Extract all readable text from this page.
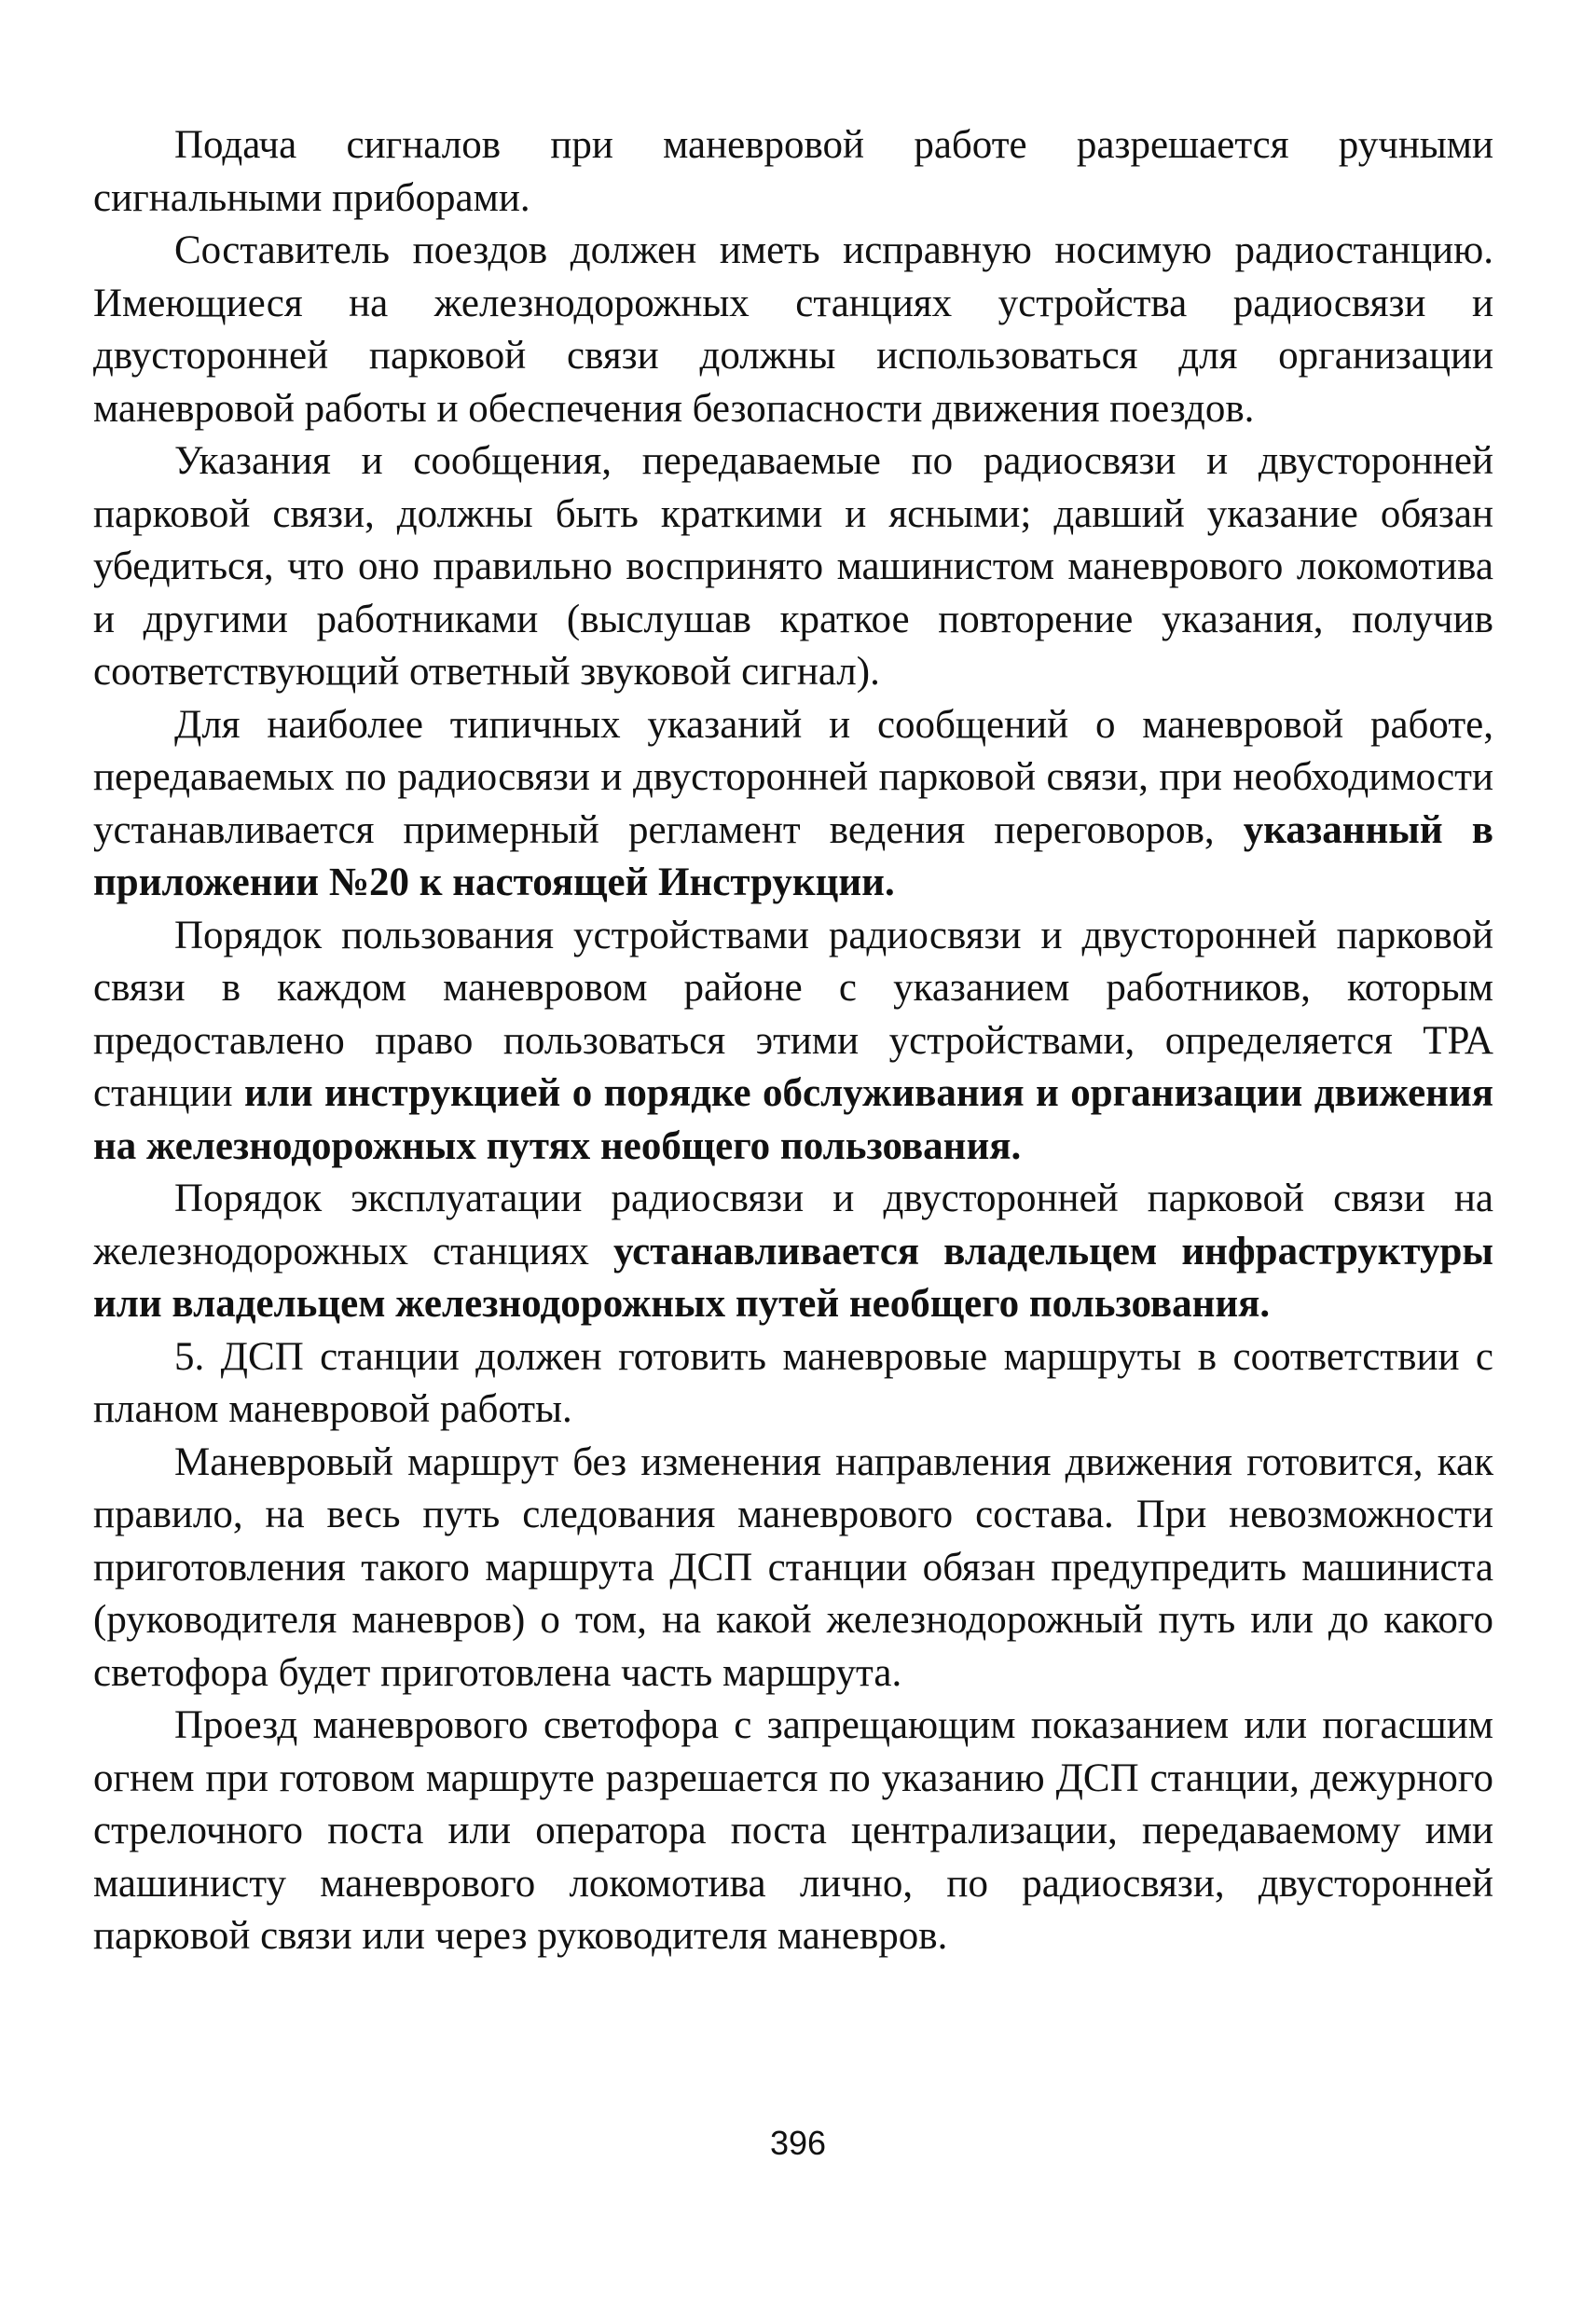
Подача сигналов при маневровой работе разрешается ручными сигнальными приборами.

Составитель поездов должен иметь исправную носимую радиостанцию. Имеющиеся на железнодорожных станциях устройства радиосвязи и двусторонней парковой связи должны использоваться для организации маневровой работы и обеспечения безопасности движения поездов.

Указания и сообщения, передаваемые по радиосвязи и двусторонней парковой связи, должны быть краткими и ясными; давший указание обязан убедиться, что оно правильно воспринято машинистом маневрового локомотива и другими работниками (выслушав краткое повторение указания, получив соответствующий ответный звуковой сигнал).

Для наиболее типичных указаний и сообщений о маневровой работе, передаваемых по радиосвязи и двусторонней парковой связи, при необходимости устанавливается примерный регламент ведения переговоров, указанный в приложении №20 к настоящей Инструкции.

Порядок пользования устройствами радиосвязи и двусторонней парковой связи в каждом маневровом районе с указанием работников, которым предоставлено право пользоваться этими устройствами, определяется ТРА станции или инструкцией о порядке обслуживания и организации движения на железнодорожных путях необщего пользования.

Порядок эксплуатации радиосвязи и двусторонней парковой связи на железнодорожных станциях устанавливается владельцем инфраструктуры или владельцем железнодорожных путей необщего пользования.

5. ДСП станции должен готовить маневровые маршруты в соответствии с планом маневровой работы.

Маневровый маршрут без изменения направления движения готовится, как правило, на весь путь следования маневрового состава. При невозможности приготовления такого маршрута ДСП станции обязан предупредить машиниста (руководителя маневров) о том, на какой железнодорожный путь или до какого светофора будет приготовлена часть маршрута.

Проезд маневрового светофора с запрещающим показанием или погасшим огнем при готовом маршруте разрешается по указанию ДСП станции, дежурного стрелочного поста или оператора поста централизации, передаваемому ими машинисту маневрового локомотива лично, по радиосвязи, двусторонней парковой связи или через руководителя маневров.

396
